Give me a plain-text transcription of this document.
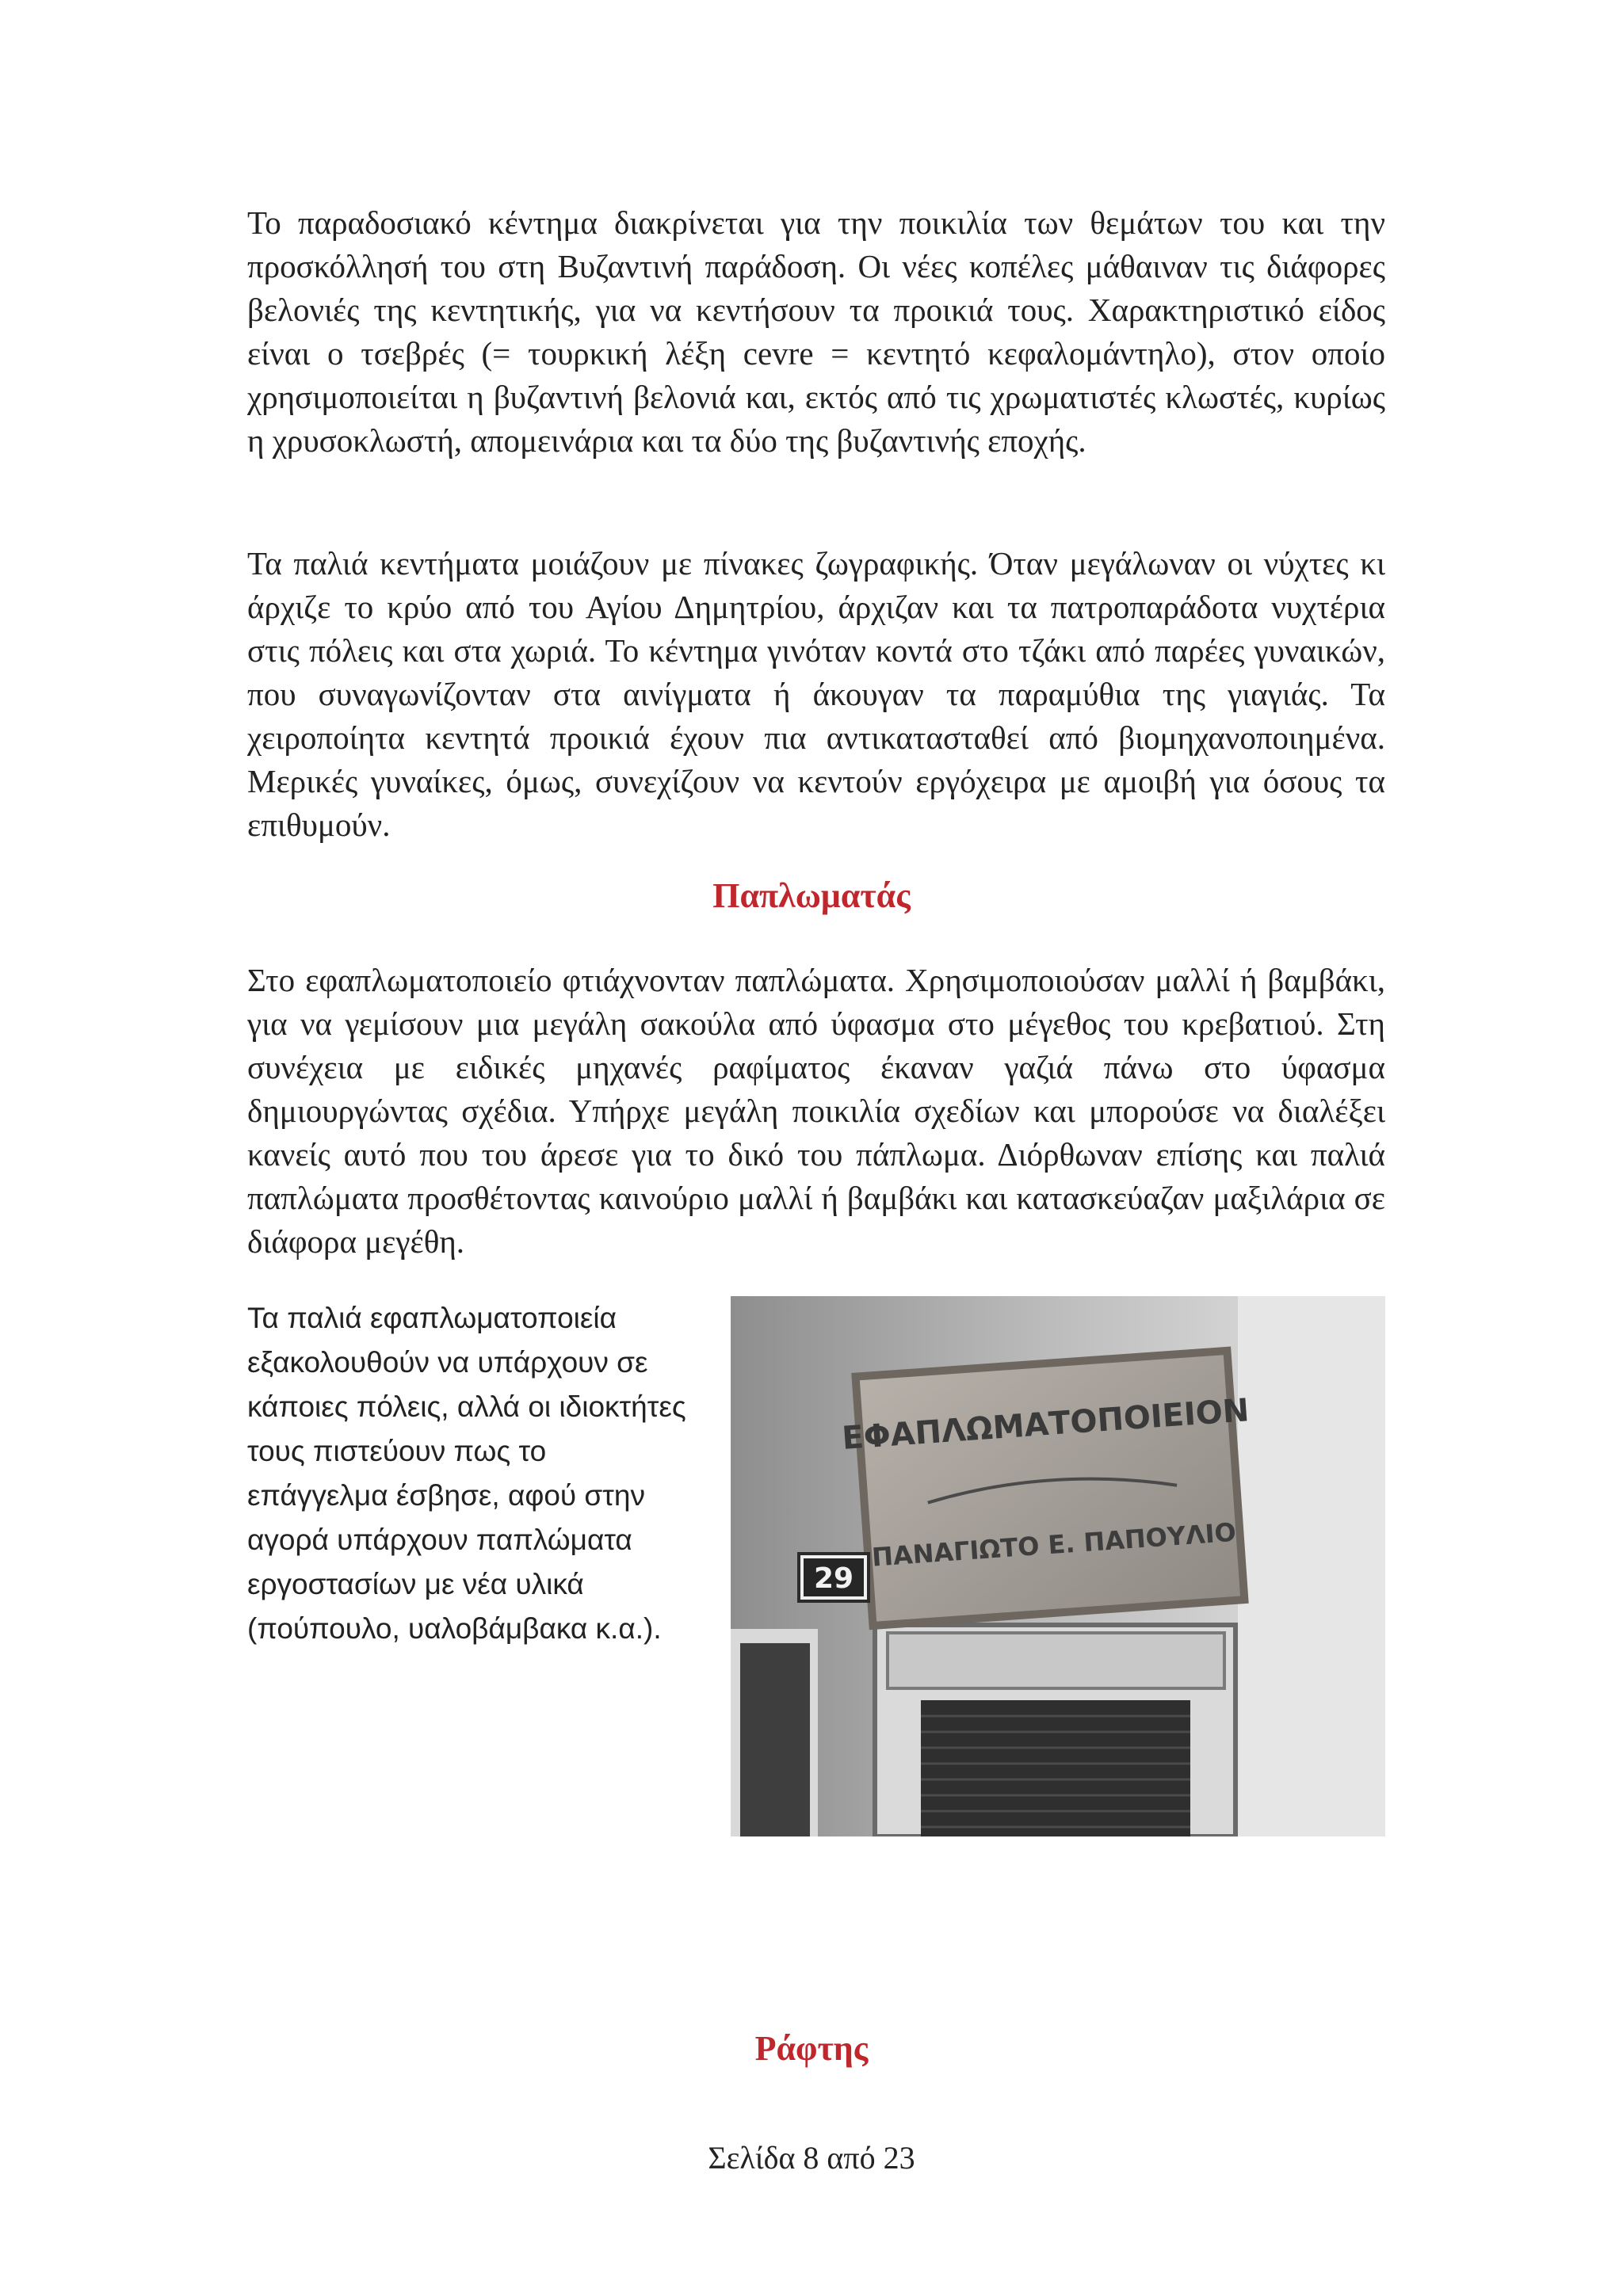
Το παραδοσιακό κέντημα διακρίνεται για την ποικιλία των θεμάτων του και την προσκόλλησή του στη Βυζαντινή παράδοση. Οι νέες κοπέλες μάθαιναν τις διάφορες βελονιές της κεντητικής, για να κεντήσουν τα προικιά τους. Χαρακτηριστικό είδος είναι ο τσεβρές (= τουρκική λέξη cevre = κεντητό κεφαλομάντηλο), στον οποίο χρησιμοποιείται η βυζαντινή βελονιά και, εκτός από τις χρωματιστές κλωστές, κυρίως η χρυσοκλωστή, απομεινάρια και τα δύο της βυζαντινής εποχής.

Τα παλιά κεντήματα μοιάζουν με πίνακες ζωγραφικής. Όταν μεγάλωναν οι νύχτες κι άρχιζε το κρύο από του Αγίου Δημητρίου, άρχιζαν και τα πατροπαράδοτα νυχτέρια στις πόλεις και στα χωριά. Το κέντημα γινόταν κοντά στο τζάκι από παρέες γυναικών, που συναγωνίζονταν στα αινίγματα ή άκουγαν τα παραμύθια της γιαγιάς. Τα χειροποίητα κεντητά προικιά έχουν πια αντικατασταθεί από βιομηχανοποιημένα. Μερικές γυναίκες, όμως, συνεχίζουν να κεντούν εργόχειρα με αμοιβή για όσους τα επιθυμούν.

Παπλωματάς

Στο εφαπλωματοποιείο φτιάχνονταν παπλώματα. Χρησιμοποιούσαν μαλλί ή βαμβάκι, για να γεμίσουν μια μεγάλη σακούλα από ύφασμα στο μέγεθος του κρεβατιού. Στη συνέχεια με ειδικές μηχανές ραφίματος έκαναν γαζιά πάνω στο ύφασμα δημιουργώντας σχέδια. Υπήρχε μεγάλη ποικιλία σχεδίων και μπορούσε να διαλέξει κανείς αυτό που του άρεσε για το δικό του πάπλωμα. Διόρθωναν επίσης και παλιά παπλώματα προσθέτοντας καινούριο μαλλί ή βαμβάκι και κατασκεύαζαν μαξιλάρια σε διάφορα μεγέθη.

Τα παλιά εφαπλωματοποιεία εξακολουθούν να υπάρχουν σε κάποιες πόλεις, αλλά οι ιδιοκτήτες τους πιστεύουν πως το επάγγελμα έσβησε, αφού στην αγορά υπάρχουν παπλώματα εργοστασίων με νέα υλικά (πούπουλο, υαλοβάμβακα κ.α.).

ΕΦΑΠΛΩΜΑΤΟΠΟΙΕΙΟΝ
ΠΑΝΑΓΙΩΤΟ Ε. ΠΑΠΟΥΛΙΟ
29
Ράφτης
Σελίδα 8 από 23
